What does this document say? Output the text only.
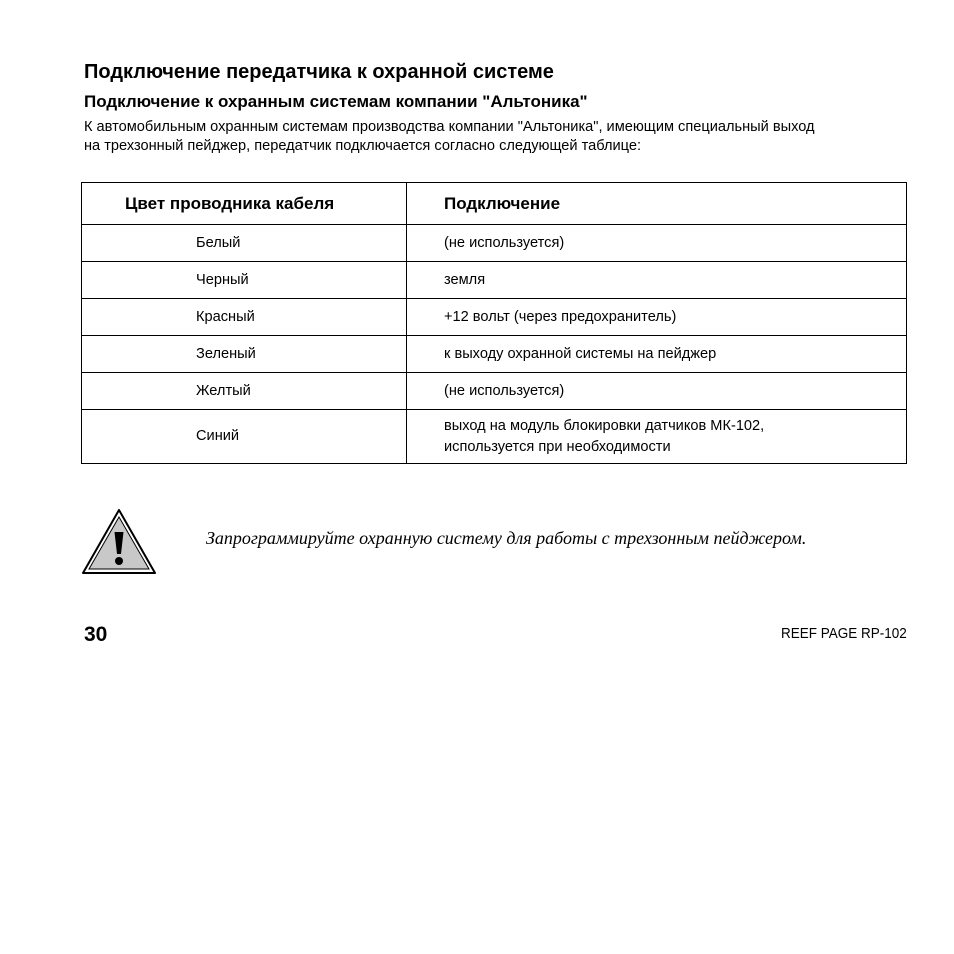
Подключение передатчика к охранной системе
Подключение к охранным системам компании "Альтоника"
К автомобильным охранным системам производства компании "Альтоника", имеющим специальный выход
на трехзонный пейджер, передатчик подключается согласно следующей таблице:
Цвет проводника кабеля	Подключение
Белый	(не используется)
Черный	земля
Красный	+12 вольт (через предохранитель)
Зеленый	к выходу охранной системы на пейджер
Желтый	(не используется)
Синий	выход на модуль блокировки датчиков МК-102,
используется при необходимости
Запрограммируйте охранную систему для работы с трехзонным пейджером.
30	REEF PAGE RP-102
